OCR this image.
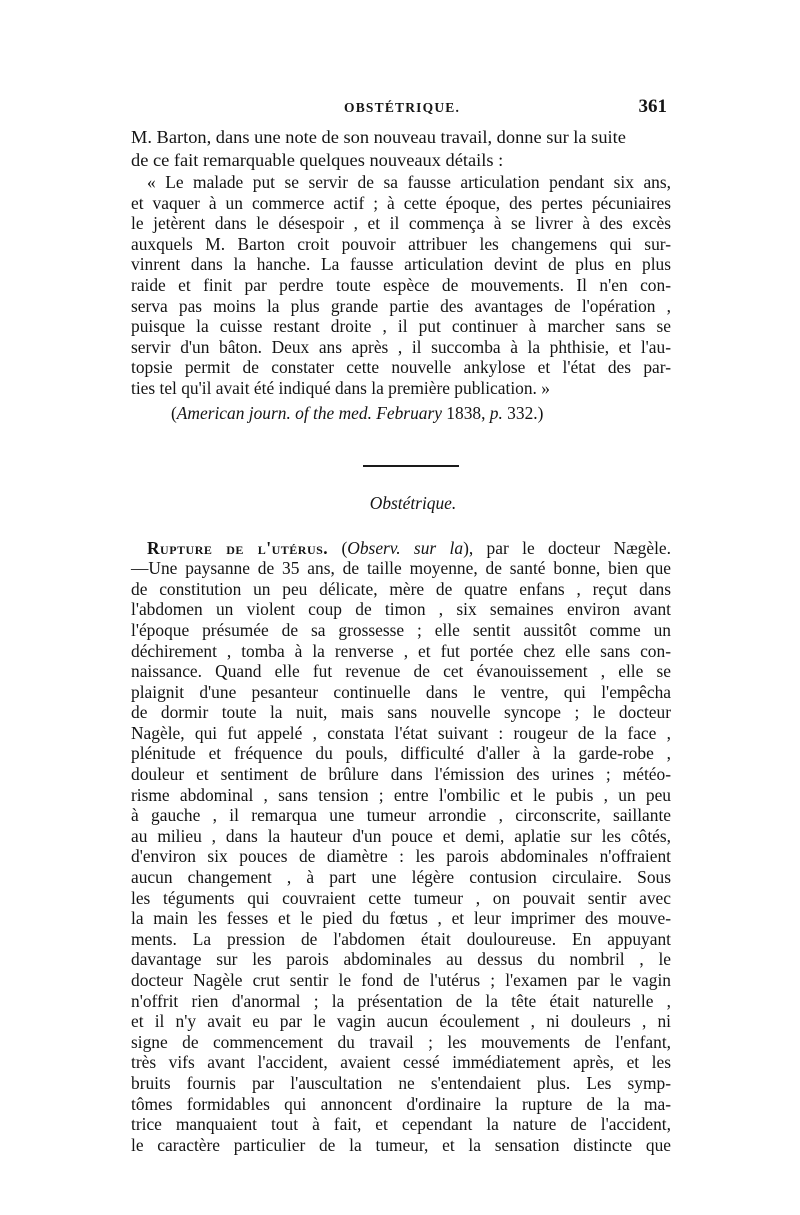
OBSTÉTRIQUE.	361
M. Barton, dans une note de son nouveau travail, donne sur la suite
de ce fait remarquable quelques nouveaux détails :
« Le malade put se servir de sa fausse articulation pendant six ans,
et vaquer à un commerce actif ; à cette époque, des pertes pécuniaires
le jetèrent dans le désespoir , et il commença à se livrer à des excès
auxquels M. Barton croit pouvoir attribuer les changemens qui sur-
vinrent dans la hanche. La fausse articulation devint de plus en plus
raide et finit par perdre toute espèce de mouvements. Il n'en con-
serva pas moins la plus grande partie des avantages de l'opération ,
puisque la cuisse restant droite , il put continuer à marcher sans se
servir d'un bâton. Deux ans après , il succomba à la phthisie, et l'au-
topsie permit de constater cette nouvelle ankylose et l'état des par-
ties tel qu'il avait été indiqué dans la première publication. »
(American journ. of the med. February 1838, p. 332.)
Obstétrique.
Rupture de l'utérus. (Observ. sur la), par le docteur Nægèle.
—Une paysanne de 35 ans, de taille moyenne, de santé bonne, bien que
de constitution un peu délicate, mère de quatre enfans , reçut dans
l'abdomen un violent coup de timon , six semaines environ avant
l'époque présumée de sa grossesse ; elle sentit aussitôt comme un
déchirement , tomba à la renverse , et fut portée chez elle sans con-
naissance. Quand elle fut revenue de cet évanouissement , elle se
plaignit d'une pesanteur continuelle dans le ventre, qui l'empêcha
de dormir toute la nuit, mais sans nouvelle syncope ; le docteur
Nagèle, qui fut appelé , constata l'état suivant : rougeur de la face ,
plénitude et fréquence du pouls, difficulté d'aller à la garde-robe ,
douleur et sentiment de brûlure dans l'émission des urines ; météo-
risme abdominal , sans tension ; entre l'ombilic et le pubis , un peu
à gauche , il remarqua une tumeur arrondie , circonscrite, saillante
au milieu , dans la hauteur d'un pouce et demi, aplatie sur les côtés,
d'environ six pouces de diamètre : les parois abdominales n'offraient
aucun changement , à part une légère contusion circulaire. Sous
les téguments qui couvraient cette tumeur , on pouvait sentir avec
la main les fesses et le pied du fœtus , et leur imprimer des mouve-
ments. La pression de l'abdomen était douloureuse. En appuyant
davantage sur les parois abdominales au dessus du nombril , le
docteur Nagèle crut sentir le fond de l'utérus ; l'examen par le vagin
n'offrit rien d'anormal ; la présentation de la tête était naturelle ,
et il n'y avait eu par le vagin aucun écoulement , ni douleurs , ni
signe de commencement du travail ; les mouvements de l'enfant,
très vifs avant l'accident, avaient cessé immédiatement après, et les
bruits fournis par l'auscultation ne s'entendaient plus. Les symp-
tômes formidables qui annoncent d'ordinaire la rupture de la ma-
trice manquaient tout à fait, et cependant la nature de l'accident,
le caractère particulier de la tumeur, et la sensation distincte que
